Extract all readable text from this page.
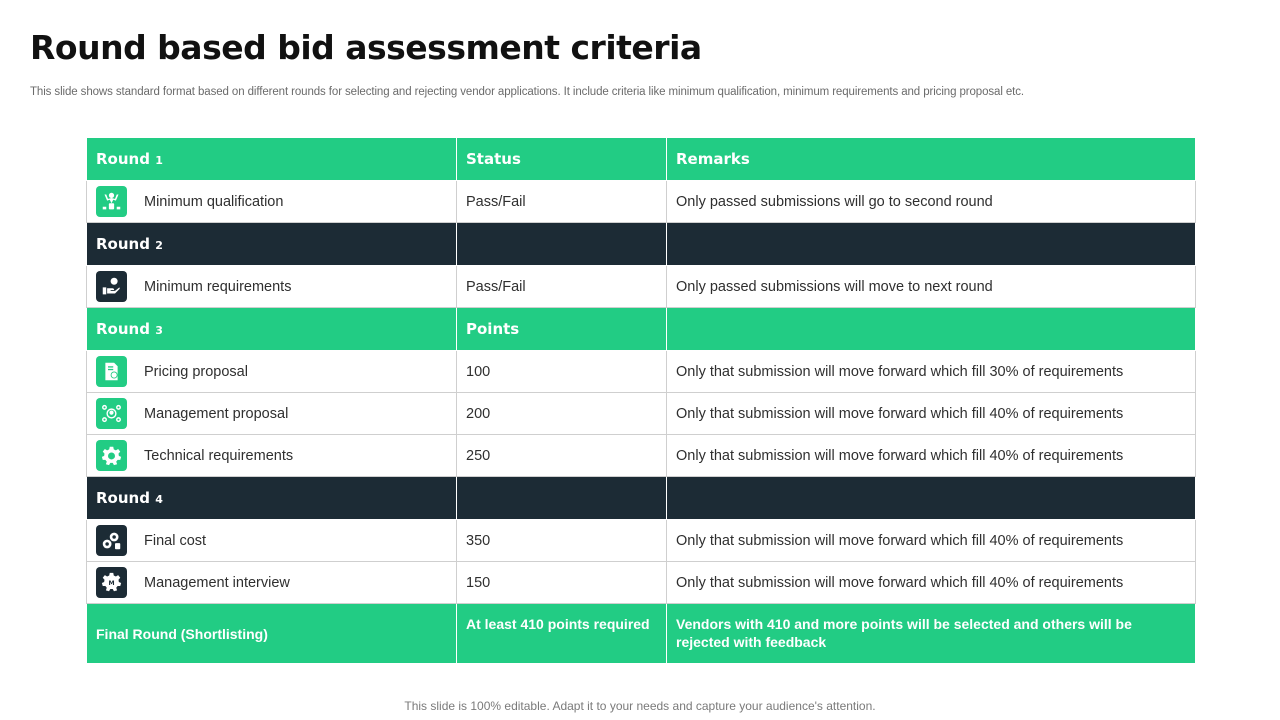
Round based bid assessment criteria
This slide shows standard format based on different rounds for selecting and rejecting vendor applications. It include criteria like minimum qualification, minimum requirements and pricing proposal etc.
Round 1	Status	Remarks

Minimum qualification	Pass/Fail	Only passed submissions will go to second round
Round 2		

Minimum requirements	Pass/Fail	Only passed submissions will move to next round
Round 3	Points	

Pricing proposal	100	Only that submission will move forward which fill 30% of requirements

Management proposal	200	Only that submission will move forward which fill 40% of requirements

Technical requirements	250	Only that submission will move forward which fill 40% of requirements
Round 4		

Final cost	350	Only that submission will move forward which fill 40% of requirements

M Management interview	150	Only that submission will move forward which fill 40% of requirements
Final Round (Shortlisting)	At least 410 points required	Vendors with 410 and more points will be selected and others will be rejected with feedback
This slide is 100% editable. Adapt it to your needs and capture your audience's attention.
